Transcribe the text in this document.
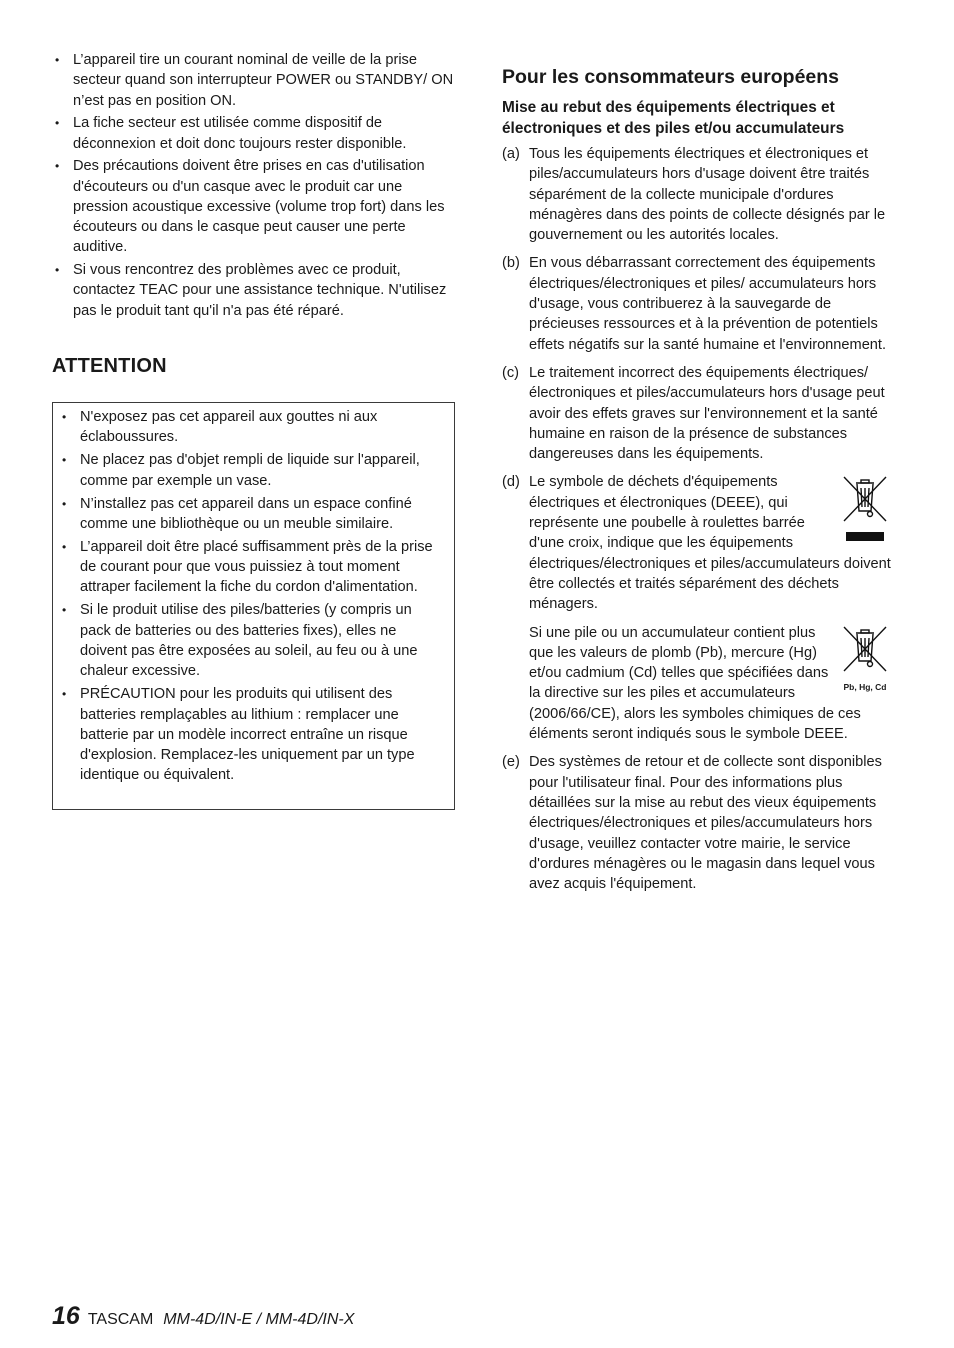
• L’appareil tire un courant nominal de veille de la prise secteur quand son interrupteur POWER ou STANDBY/ ON n’est pas en position ON.
• La fiche secteur est utilisée comme dispositif de déconnexion et doit donc toujours rester disponible.
• Des précautions doivent être prises en cas d'utilisation d'écouteurs ou d'un casque avec le produit car une pression acoustique excessive (volume trop fort) dans les écouteurs ou dans le casque peut causer une perte auditive.
• Si vous rencontrez des problèmes avec ce produit, contactez TEAC pour une assistance technique. N'utilisez pas le produit tant qu'il n'a pas été réparé.
ATTENTION
• N'exposez pas cet appareil aux gouttes ni aux éclaboussures.
• Ne placez pas d'objet rempli de liquide sur l'appareil, comme par exemple un vase.
• N’installez pas cet appareil dans un espace confiné comme une bibliothèque ou un meuble similaire.
• L’appareil doit être placé suffisamment près de la prise de courant pour que vous puissiez à tout moment attraper facilement la fiche du cordon d'alimentation.
• Si le produit utilise des piles/batteries (y compris un pack de batteries ou des batteries fixes), elles ne doivent pas être exposées au soleil, au feu ou à une chaleur excessive.
• PRÉCAUTION pour les produits qui utilisent des batteries remplaçables au lithium : remplacer une batterie par un modèle incorrect entraîne un risque d'explosion. Remplacez-les uniquement par un type identique ou équivalent.
Pour les consommateurs européens
Mise au rebut des équipements électriques et électroniques et des piles et/ou accumulateurs
(a) Tous les équipements électriques et électroniques et piles/accumulateurs hors d'usage doivent être traités séparément de la collecte municipale d'ordures ménagères dans des points de collecte désignés par le gouvernement ou les autorités locales.

(b) En vous débarrassant correctement des équipements électriques/électroniques et piles/ accumulateurs hors d'usage, vous contribuerez à la sauvegarde de précieuses ressources et à la prévention de potentiels effets négatifs sur la santé humaine et l'environnement.

(c) Le traitement incorrect des équipements électriques/ électroniques et piles/accumulateurs hors d'usage peut avoir des effets graves sur l'environnement et la santé humaine en raison de la présence de substances dangereuses dans les équipements.

(d) Le symbole de déchets d'équipements électriques et électroniques (DEEE), qui représente une poubelle à roulettes barrée d'une croix, indique que les équipements électriques/électroniques et piles/accumulateurs doivent être collectés et traités séparément des déchets ménagers.

Pb, Hg, Cd

Si une pile ou un accumulateur contient plus que les valeurs de plomb (Pb), mercure (Hg) et/ou cadmium (Cd) telles que spécifiées dans la directive sur les piles et accumulateurs (2006/66/CE), alors les symboles chimiques de ces éléments seront indiqués sous le symbole DEEE.

(e) Des systèmes de retour et de collecte sont disponibles pour l'utilisateur final. Pour des informations plus détaillées sur la mise au rebut des vieux équipements électriques/électroniques et piles/accumulateurs hors d'usage, veuillez contacter votre mairie, le service d'ordures ménagères ou le magasin dans lequel vous avez acquis l'équipement.

16 TASCAM MM-4D/IN-E / MM-4D/IN-X
